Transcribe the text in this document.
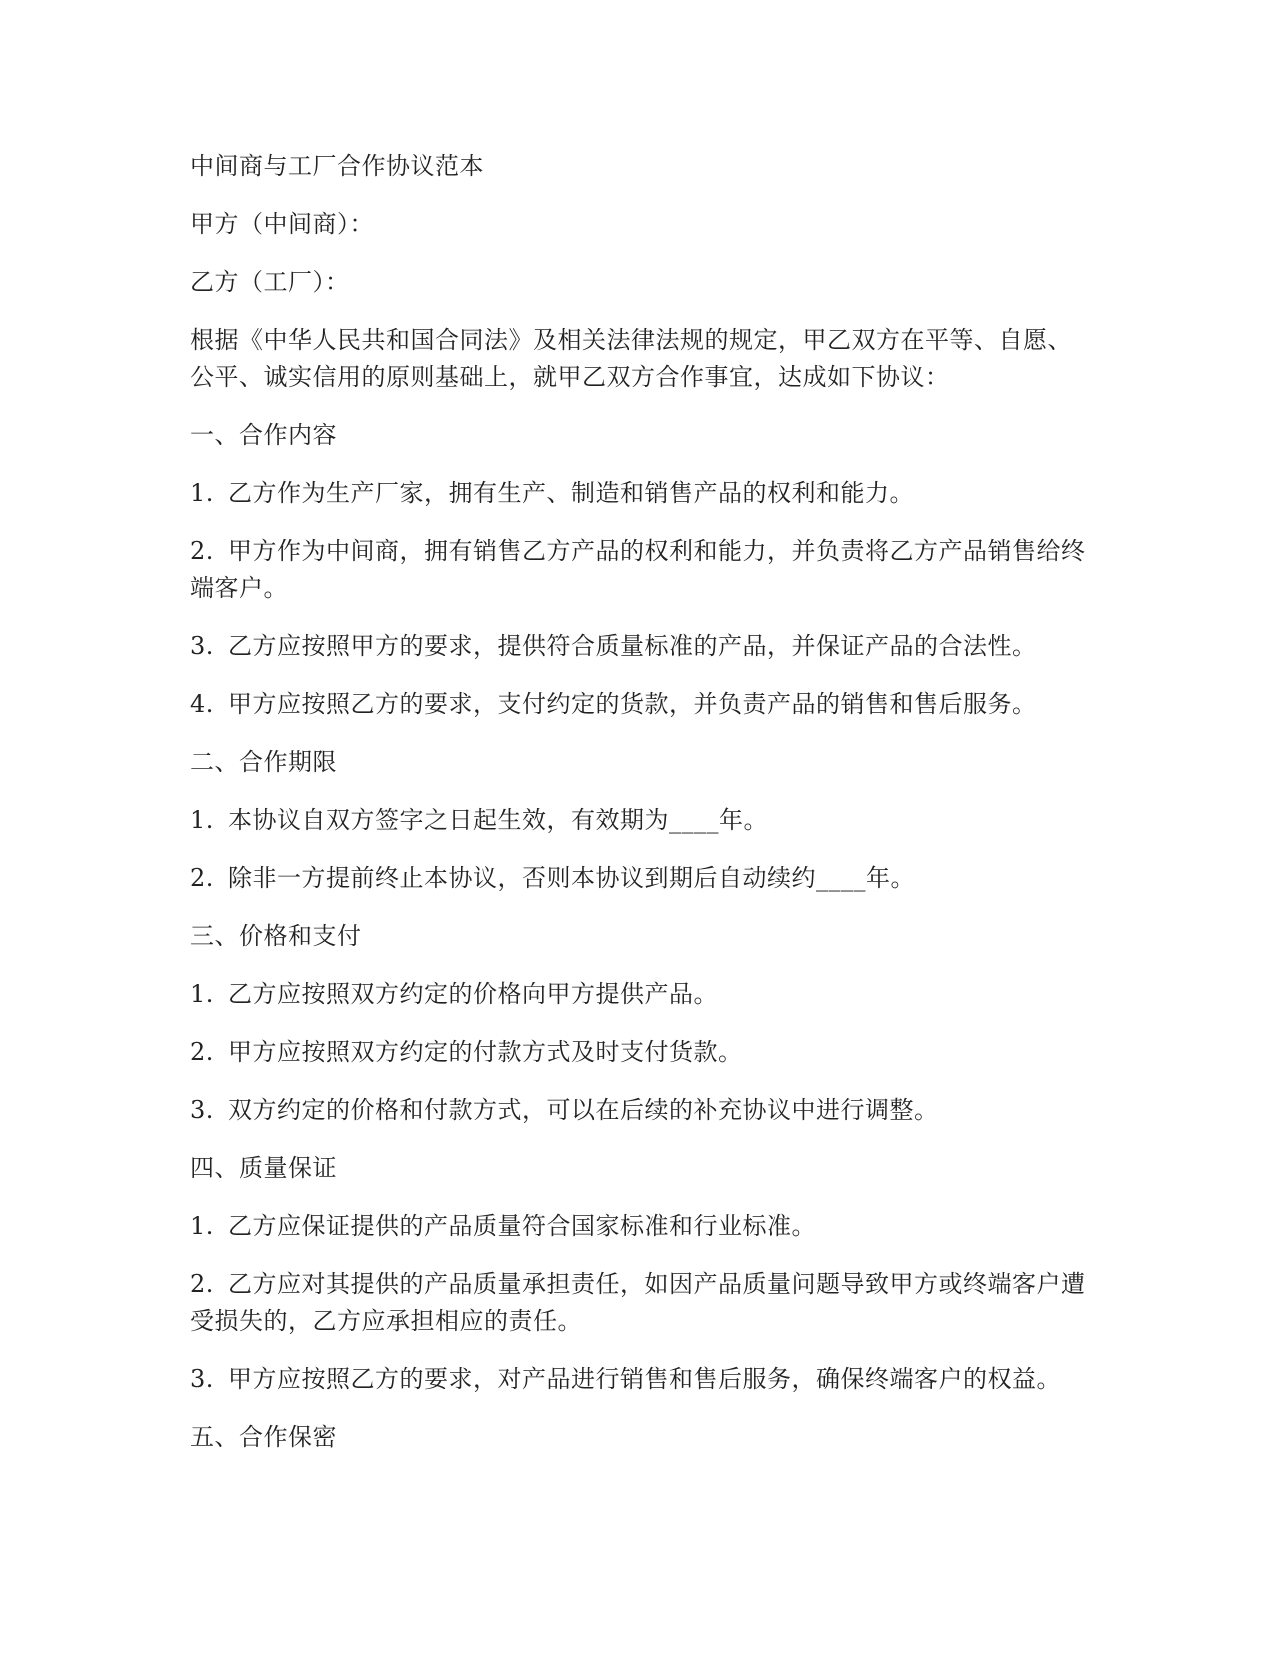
中间商与工厂合作协议范本

甲方（中间商）：

乙方（工厂）：

根据《中华人民共和国合同法》及相关法律法规的规定，甲乙双方在平等、自愿、公平、诚实信用的原则基础上，就甲乙双方合作事宜，达成如下协议：

一、合作内容

1. 乙方作为生产厂家，拥有生产、制造和销售产品的权利和能力。

2. 甲方作为中间商，拥有销售乙方产品的权利和能力，并负责将乙方产品销售给终端客户。

3. 乙方应按照甲方的要求，提供符合质量标准的产品，并保证产品的合法性。

4. 甲方应按照乙方的要求，支付约定的货款，并负责产品的销售和售后服务。

二、合作期限

1. 本协议自双方签字之日起生效，有效期为____年。

2. 除非一方提前终止本协议，否则本协议到期后自动续约____年。

三、价格和支付

1. 乙方应按照双方约定的价格向甲方提供产品。

2. 甲方应按照双方约定的付款方式及时支付货款。

3. 双方约定的价格和付款方式，可以在后续的补充协议中进行调整。

四、质量保证

1. 乙方应保证提供的产品质量符合国家标准和行业标准。

2. 乙方应对其提供的产品质量承担责任，如因产品质量问题导致甲方或终端客户遭受损失的，乙方应承担相应的责任。

3. 甲方应按照乙方的要求，对产品进行销售和售后服务，确保终端客户的权益。

五、合作保密
